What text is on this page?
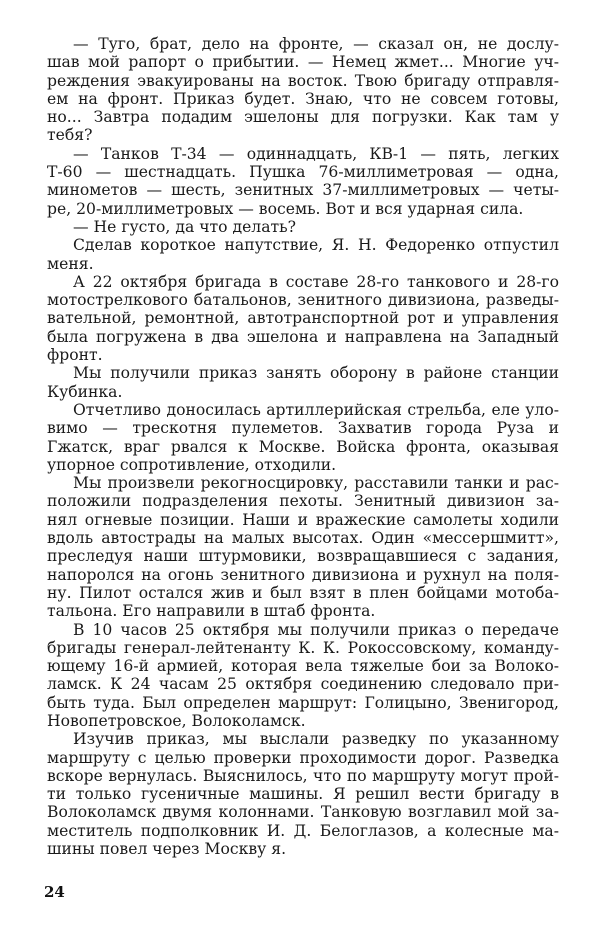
— Туго, брат, дело на фронте, — сказал он, не дослу-
шав мой рапорт о прибытии. — Немец жмет... Многие уч-
реждения эвакуированы на восток. Твою бригаду отправля-
ем на фронт. Приказ будет. Знаю, что не совсем готовы,
но... Завтра подадим эшелоны для погрузки. Как там у
тебя?
— Танков Т-34 — одиннадцать, КВ-1 — пять, легких
Т-60 — шестнадцать. Пушка 76-миллиметровая — одна,
минометов — шесть, зенитных 37-миллиметровых — четы-
ре, 20-миллиметровых — восемь. Вот и вся ударная сила.
— Не густо, да что делать?
Сделав короткое напутствие, Я. Н. Федоренко отпустил
меня.
А 22 октября бригада в составе 28-го танкового и 28-го
мотострелкового батальонов, зенитного дивизиона, разведы-
вательной, ремонтной, автотранспортной рот и управления
была погружена в два эшелона и направлена на Западный
фронт.
Мы получили приказ занять оборону в районе станции
Кубинка.
Отчетливо доносилась артиллерийская стрельба, еле уло-
вимо — трескотня пулеметов. Захватив города Руза и
Гжатск, враг рвался к Москве. Войска фронта, оказывая
упорное сопротивление, отходили.
Мы произвели рекогносцировку, расставили танки и рас-
положили подразделения пехоты. Зенитный дивизион за-
нял огневые позиции. Наши и вражеские самолеты ходили
вдоль автострады на малых высотах. Один «мессершмитт»,
преследуя наши штурмовики, возвращавшиеся с задания,
напоролся на огонь зенитного дивизиона и рухнул на поля-
ну. Пилот остался жив и был взят в плен бойцами мотоба-
тальона. Его направили в штаб фронта.
В 10 часов 25 октября мы получили приказ о передаче
бригады генерал-лейтенанту К. К. Рокоссовскому, команду-
ющему 16-й армией, которая вела тяжелые бои за Волоко-
ламск. К 24 часам 25 октября соединению следовало при-
быть туда. Был определен маршрут: Голицыно, Звенигород,
Новопетровское, Волоколамск.
Изучив приказ, мы выслали разведку по указанному
маршруту с целью проверки проходимости дорог. Разведка
вскоре вернулась. Выяснилось, что по маршруту могут прой-
ти только гусеничные машины. Я решил вести бригаду в
Волоколамск двумя колоннами. Танковую возглавил мой за-
меститель подполковник И. Д. Белоглазов, а колесные ма-
шины повел через Москву я.
24
